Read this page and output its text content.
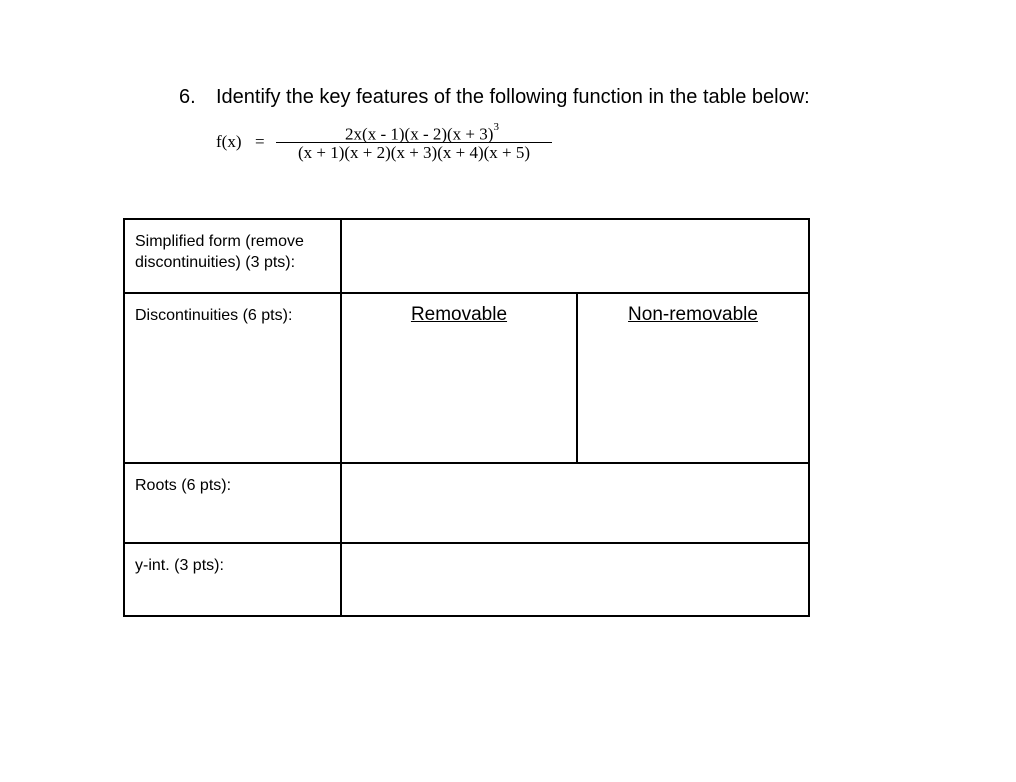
6. Identify the key features of the following function in the table below:
f(x) =	$2x(x - 1)(x - 2)(x + 3)^3$
(x + 1)(x + 2)(x + 3)(x + 4)(x + 5)
Simplified form (remove discontinuities) (3 pts):
Discontinuities (6 pts):	Removable	Non-removable
Roots (6 pts):
y-int. (3 pts):
